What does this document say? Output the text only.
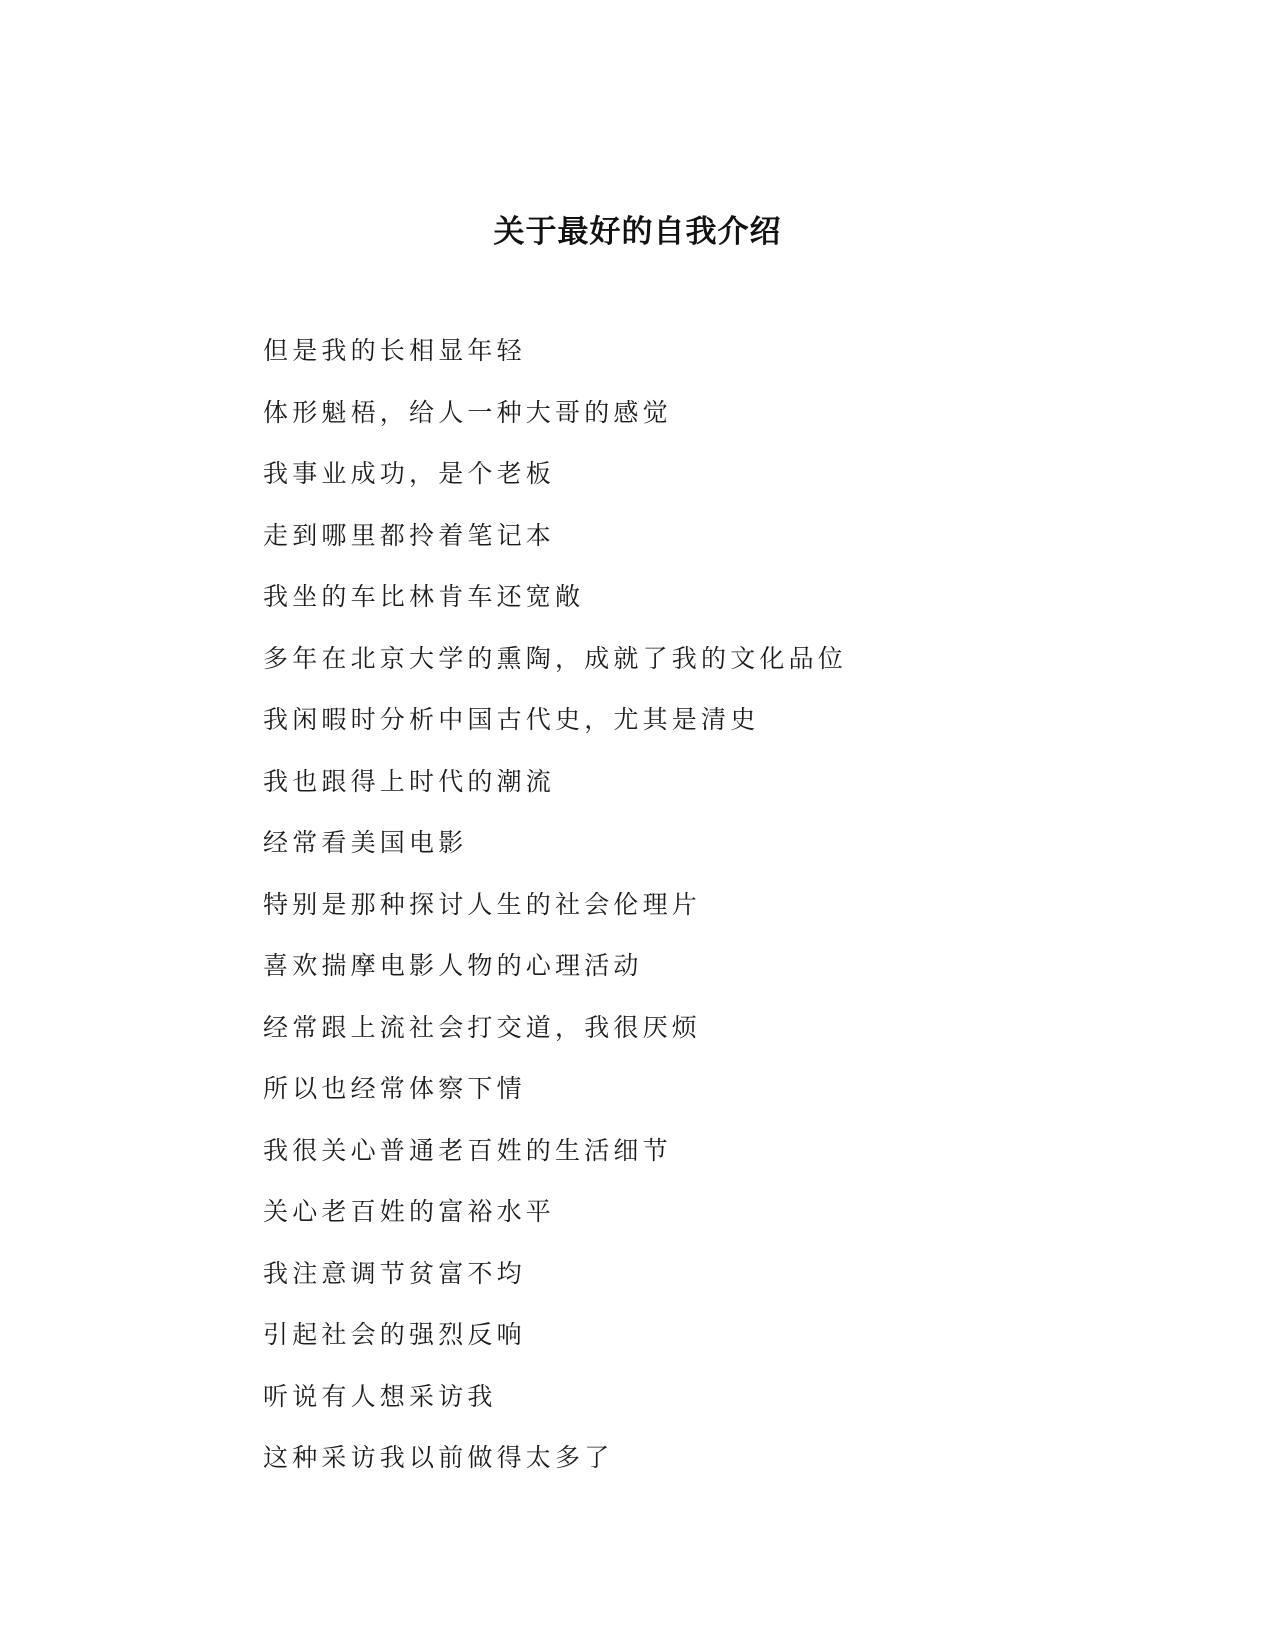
关于最好的自我介绍
但是我的长相显年轻
体形魁梧，给人一种大哥的感觉
我事业成功，是个老板
走到哪里都拎着笔记本
我坐的车比林肯车还宽敞
多年在北京大学的熏陶，成就了我的文化品位
我闲暇时分析中国古代史，尤其是清史
我也跟得上时代的潮流
经常看美国电影
特别是那种探讨人生的社会伦理片
喜欢揣摩电影人物的心理活动
经常跟上流社会打交道，我很厌烦
所以也经常体察下情
我很关心普通老百姓的生活细节
关心老百姓的富裕水平
我注意调节贫富不均
引起社会的强烈反响
听说有人想采访我
这种采访我以前做得太多了
